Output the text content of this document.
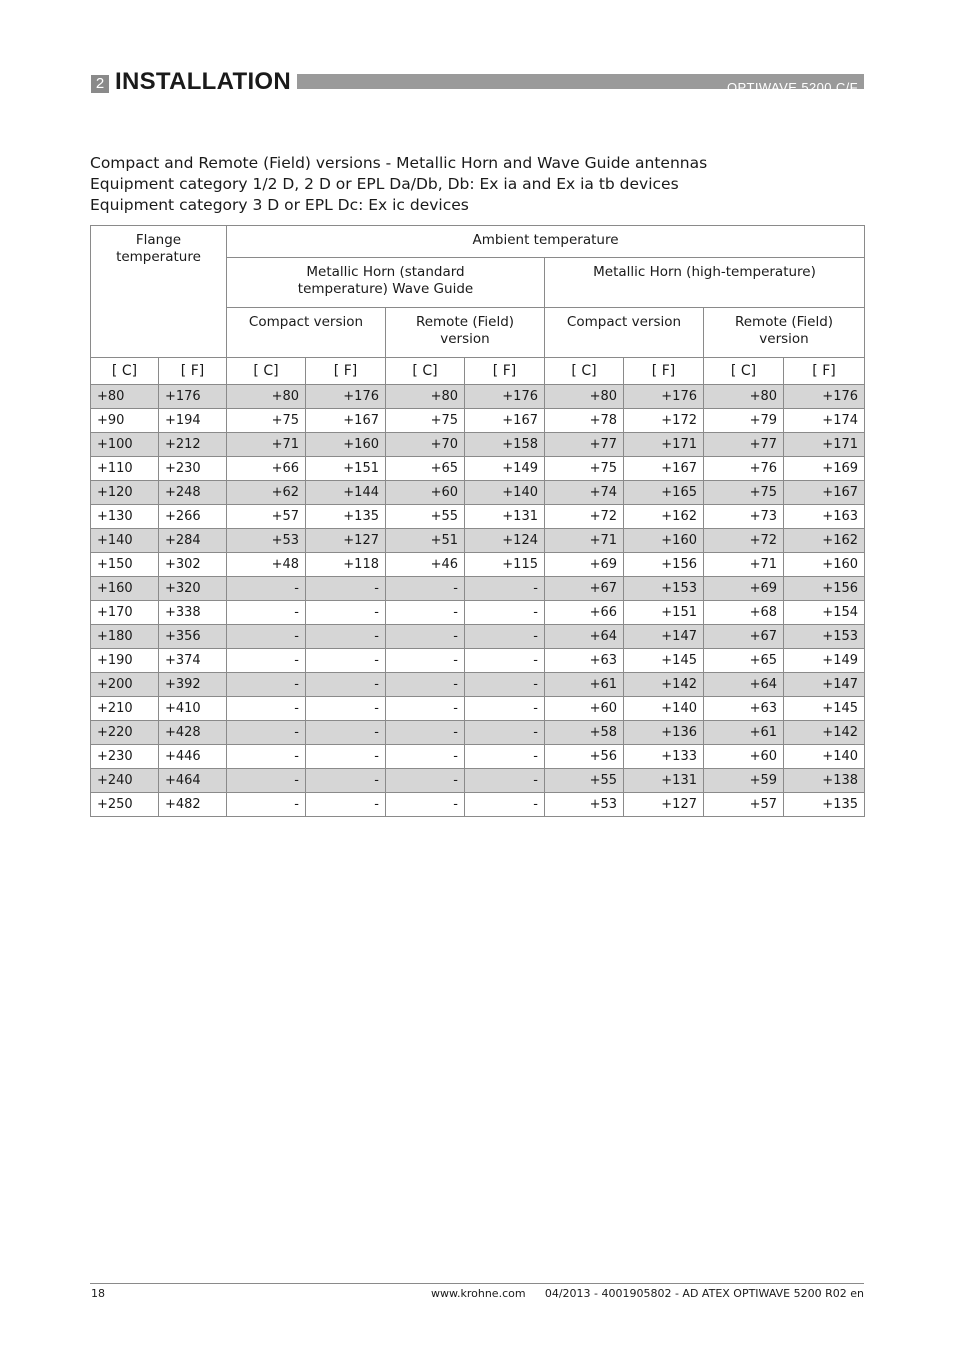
2 INSTALLATION	OPTIWAVE 5200 C/F
Compact and Remote (Field) versions - Metallic Horn and Wave Guide antennas
Equipment category 1/2 D, 2 D or EPL Da/Db, Db: Ex ia and Ex ia tb devices
Equipment category 3 D or EPL Dc: Ex ic devices
Flange temperature		Ambient temperature							
		Metallic Horn (standard temperature) Wave Guide				Metallic Horn (high-temperature)			
		Compact version		Remote (Field) version		Compact version		Remote (Field) version	
[ C]	[ F]	[ C]	[ F]	[ C]	[ F]	[ C]	[ F]	[ C]	[ F]
+80	+176	+80	+176	+80	+176	+80	+176	+80	+176
+90	+194	+75	+167	+75	+167	+78	+172	+79	+174
+100	+212	+71	+160	+70	+158	+77	+171	+77	+171
+110	+230	+66	+151	+65	+149	+75	+167	+76	+169
+120	+248	+62	+144	+60	+140	+74	+165	+75	+167
+130	+266	+57	+135	+55	+131	+72	+162	+73	+163
+140	+284	+53	+127	+51	+124	+71	+160	+72	+162
+150	+302	+48	+118	+46	+115	+69	+156	+71	+160
+160	+320	-	-	-	-	+67	+153	+69	+156
+170	+338	-	-	-	-	+66	+151	+68	+154
+180	+356	-	-	-	-	+64	+147	+67	+153
+190	+374	-	-	-	-	+63	+145	+65	+149
+200	+392	-	-	-	-	+61	+142	+64	+147
+210	+410	-	-	-	-	+60	+140	+63	+145
+220	+428	-	-	-	-	+58	+136	+61	+142
+230	+446	-	-	-	-	+56	+133	+60	+140
+240	+464	-	-	-	-	+55	+131	+59	+138
+250	+482	-	-	-	-	+53	+127	+57	+135
18	www.krohne.com 04/2013 - 4001905802 - AD ATEX OPTIWAVE 5200 R02 en
